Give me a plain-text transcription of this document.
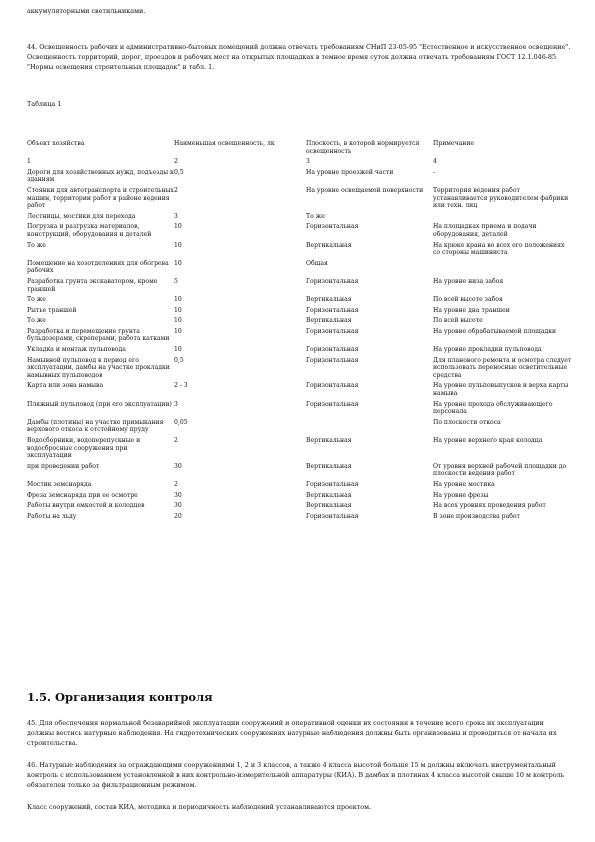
аккумуляторными светильниками.
44. Освещенность рабочих и административно-бытовых помещений должна отвечать требованиям СНиП 23-05-95 "Естественное и искусственное освещение". Освещенность территорий, дорог, проездов и рабочих мест на открытых площадках в темное время суток должна отвечать требованиям ГОСТ 12.1.046-85 "Нормы освещения строительных площадок" и табл. 1.
Таблица 1
Объект хозяйства	Наименьшая освещенность, лк	Плоскость, в которой нормируется освещенность	Примечание
1	2	3	4
Дороги для хозяйственных нужд, подъезды к зданиям	0,5	На уровне проезжей части	-
Стоянки для автотранспорта и строительных машин, территории работ в районе ведения работ	2	На уровне освещаемой поверхности	Территория ведения работ устанавливается руководителем фабрики или техн. лиц
Лестницы, мостики для перехода	3	То же	
Погрузка и разгрузка материалов, конструкций, оборудования и деталей	10	Горизонтальная	На площадках приема и подачи оборудования, деталей
То же	10	Вертикальная	На крюке крана во всех его положениях со стороны машиниста
Помещение на хозотделениях для обогрева рабочих	10	Общая	
Разработка грунта экскаватором, кроме траншей	5	Горизонтальная	На уровне низа забоя
То же	10	Вертикальная	По всей высоте забоя
Рытье траншей	10	Горизонтальная	На уровне дна траншеи
То же	10	Вертикальная	По всей высоте
Разработка и перемещение грунта бульдозерами, скреперами, работа катками	10	Горизонтальная	На уровне обрабатываемой площадки
Укладка и монтаж пульповода	10	Горизонтальная	На уровне прокладки пульповода
Намывной пульповод в период его эксплуатации, дамбы на участке прокладки намывных пульповодов	0,5	Горизонтальная	Для планового ремонта и осмотра следует использовать переносные осветительные средства
Карта или зона намыва	2 - 3	Горизонтальная	На уровне пульповыпусков и верха карты намыва
Пляжный пульповод (при его эксплуатации)	3	Горизонтальная	На уровне прохода обслуживающего персонала
Дамбы (плотины) на участке примыкания верхового откоса к отстойному пруду	0,05		По плоскости откоса
Водосборники, водоперепускные и водосбросные сооружения при эксплуатации	2	Вертикальная	На уровне верхнего края колодца
при проведении работ	30	Вертикальная	От уровня верхней рабочей площадки до плоскости ведения работ
Мостик земснаряда	2	Горизонтальная	На уровне мостика
Фреза земснаряда при ее осмотре	30	Вертикальная	На уровне фрезы
Работы внутри емкостей и колодцев	30	Вертикальная	На всех уровнях проведения работ
Работы на льду	20	Горизонтальная	В зоне производства работ
1.5. Организация контроля
45. Для обеспечения нормальной безаварийной эксплуатации сооружений и оперативной оценки их состояния в течение всего срока их эксплуатации должны вестись натурные наблюдения. На гидротехнических сооружениях натурные наблюдения должны быть организованы и проводиться от начала их строительства.
46. Натурные наблюдения за ограждающими сооружениями 1, 2 и 3 классов, а также 4 класса высотой больше 15 м должны включать инструментальный контроль с использованием установленной в них контрольно-измерительной аппаратуры (КИА). В дамбах и плотинах 4 класса высотой свыше 10 м контроль обязателен только за фильтрационным режимом.
Класс сооружений, состав КИА, методика и периодичность наблюдений устанавливаются проектом.
